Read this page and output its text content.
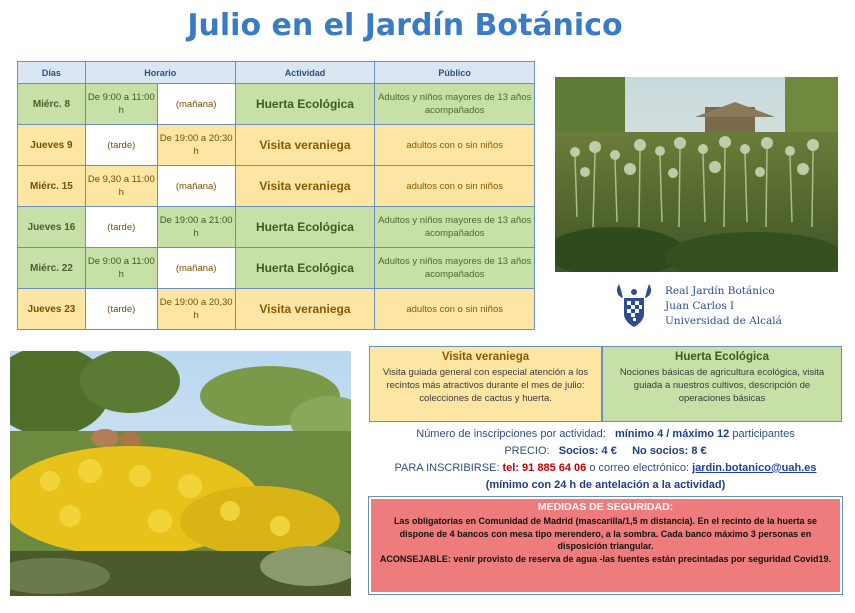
Julio en el Jardín Botánico
Días	Horario		Actividad	Público
Miérc. 8	De 9:00 a 11:00 h	(mañana)	Huerta Ecológica	Adultos y niños mayores de 13 años acompañados
Jueves 9	(tarde)	De 19:00 a 20:30 h	Visita veraniega	adultos con o sin niños
Miérc. 15	De 9,30 a 11:00 h	(mañana)	Visita veraniega	adultos con o sin niños
Jueves 16	(tarde)	De 19:00 a 21:00 h	Huerta Ecológica	Adultos y niños mayores de 13 años acompañados
Miérc. 22	De 9:00 a 11:00 h	(mañana)	Huerta Ecológica	Adultos y niños mayores de 13 años acompañados
Jueves 23	(tarde)	De 19:00 a 20,30 h	Visita veraniega	adultos con o sin niños
Real Jardín Botánico
Juan Carlos I
Universidad de Alcalá
Visita veraniega
Visita guiada general con especial atención a los recintos más atractivos durante el mes de julio: colecciones de cactus y huerta.
Huerta Ecológica
Nociones básicas de agricultura ecológica, visita guiada a nuestros cultivos, descripción de operaciones básicas
Número de inscripciones por actividad: mínimo 4 / máximo 12 participantes
PRECIO: Socios: 4 € No socios: 8 €
PARA INSCRIBIRSE: tel: 91 885 64 06 o correo electrónico: jardin.botanico@uah.es
(mínimo con 24 h de antelación a la actividad)
MEDIDAS DE SEGURIDAD:
Las obligatorias en Comunidad de Madrid (mascarilla/1,5 m distancia). En el recinto de la huerta se dispone de 4 bancos con mesa tipo merendero, a la sombra. Cada banco máximo 3 personas en disposición triangular.
ACONSEJABLE: venir provisto de reserva de agua -las fuentes están precintadas por seguridad Covid19.
